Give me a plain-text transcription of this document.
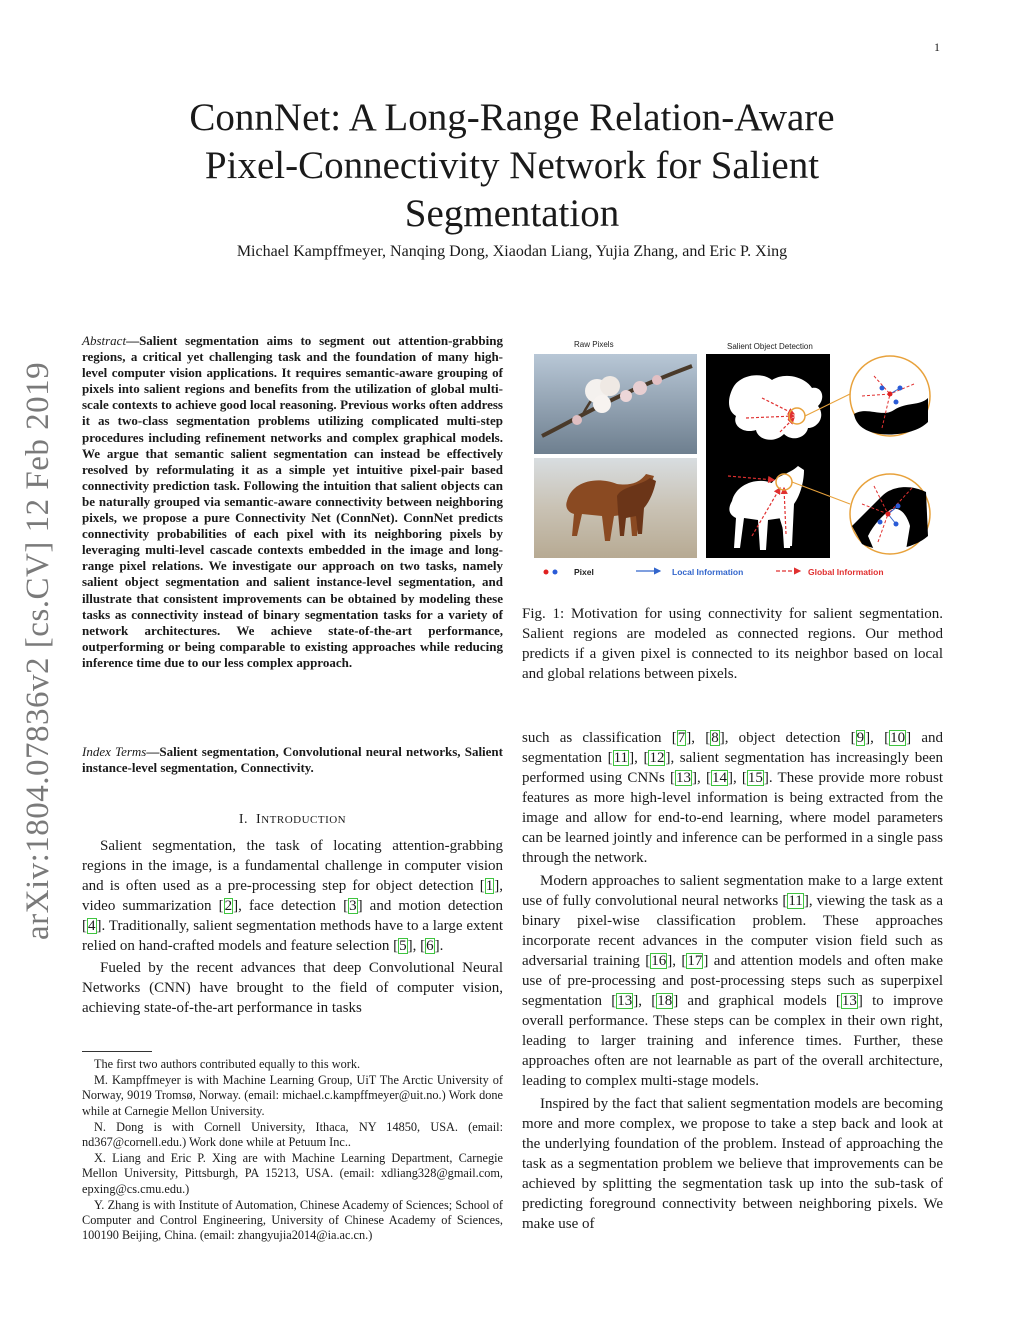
1
arXiv:1804.07836v2 [cs.CV] 12 Feb 2019
ConnNet: A Long-Range Relation-Aware Pixel-Connectivity Network for Salient Segmentation
Michael Kampffmeyer, Nanqing Dong, Xiaodan Liang, Yujia Zhang, and Eric P. Xing
Abstract—Salient segmentation aims to segment out attention-grabbing regions, a critical yet challenging task and the foundation of many high-level computer vision applications. It requires semantic-aware grouping of pixels into salient regions and benefits from the utilization of global multi-scale contexts to achieve good local reasoning. Previous works often address it as two-class segmentation problems utilizing complicated multi-step procedures including refinement networks and complex graphical models. We argue that semantic salient segmentation can instead be effectively resolved by reformulating it as a simple yet intuitive pixel-pair based connectivity prediction task. Following the intuition that salient objects can be naturally grouped via semantic-aware connectivity between neighboring pixels, we propose a pure Connectivity Net (ConnNet). ConnNet predicts connectivity probabilities of each pixel with its neighboring pixels by leveraging multi-level cascade contexts embedded in the image and long-range pixel relations. We investigate our approach on two tasks, namely salient object segmentation and salient instance-level segmentation, and illustrate that consistent improvements can be obtained by modeling these tasks as connectivity instead of binary segmentation tasks for a variety of network architectures. We achieve state-of-the-art performance, outperforming or being comparable to existing approaches while reducing inference time due to our less complex approach.
Index Terms—Salient segmentation, Convolutional neural networks, Salient instance-level segmentation, Connectivity.
I. INTRODUCTION

Salient segmentation, the task of locating attention-grabbing regions in the image, is a fundamental challenge in computer vision and is often used as a pre-processing step for object detection [1], video summarization [2], face detection [3] and motion detection [4]. Traditionally, salient segmentation methods have to a large extent relied on hand-crafted models and feature selection [5], [6].

Fueled by the recent advances that deep Convolutional Neural Networks (CNN) have brought to the field of computer vision, achieving state-of-the-art performance in tasks

The first two authors contributed equally to this work.

M. Kampffmeyer is with Machine Learning Group, UiT The Arctic University of Norway, 9019 Tromsø, Norway. (email: michael.c.kampffmeyer@uit.no.) Work done while at Carnegie Mellon University.

N. Dong is with Cornell University, Ithaca, NY 14850, USA. (email: nd367@cornell.edu.) Work done while at Petuum Inc..

X. Liang and Eric P. Xing are with Machine Learning Department, Carnegie Mellon University, Pittsburgh, PA 15213, USA. (email: xdliang328@gmail.com, epxing@cs.cmu.edu.)

Y. Zhang is with Institute of Automation, Chinese Academy of Sciences; School of Computer and Control Engineering, University of Chinese Academy of Sciences, 100190 Beijing, China. (email: zhangyujia2014@ia.ac.cn.)

Raw Pixels	Salient Object Detection
Pixel	Local Information	Global Information
Fig. 1: Motivation for using connectivity for salient segmentation. Salient regions are modeled as connected regions. Our method predicts if a given pixel is connected to its neighbor based on local and global relations between pixels.

such as classification [7], [8], object detection [9], [10] and segmentation [11], [12], salient segmentation has increasingly been performed using CNNs [13], [14], [15]. These provide more robust features as more high-level information is being extracted from the image and allow for end-to-end learning, where model parameters can be learned jointly and inference can be performed in a single pass through the network.

Modern approaches to salient segmentation make to a large extent use of fully convolutional neural networks [11], viewing the task as a binary pixel-wise classification problem. These approaches incorporate recent advances in the computer vision field such as adversarial training [16], [17] and attention models and often make use of pre-processing and post-processing steps such as superpixel segmentation [13], [18] and graphical models [13] to improve overall performance. These steps can be complex in their own right, leading to larger training and inference times. Further, these approaches often are not learnable as part of the overall architecture, leading to complex multi-stage models.

Inspired by the fact that salient segmentation models are becoming more and more complex, we propose to take a step back and look at the underlying foundation of the problem. Instead of approaching the task as a segmentation problem we believe that improvements can be achieved by splitting the segmentation task up into the sub-task of predicting foreground connectivity between neighboring pixels. We make use of
